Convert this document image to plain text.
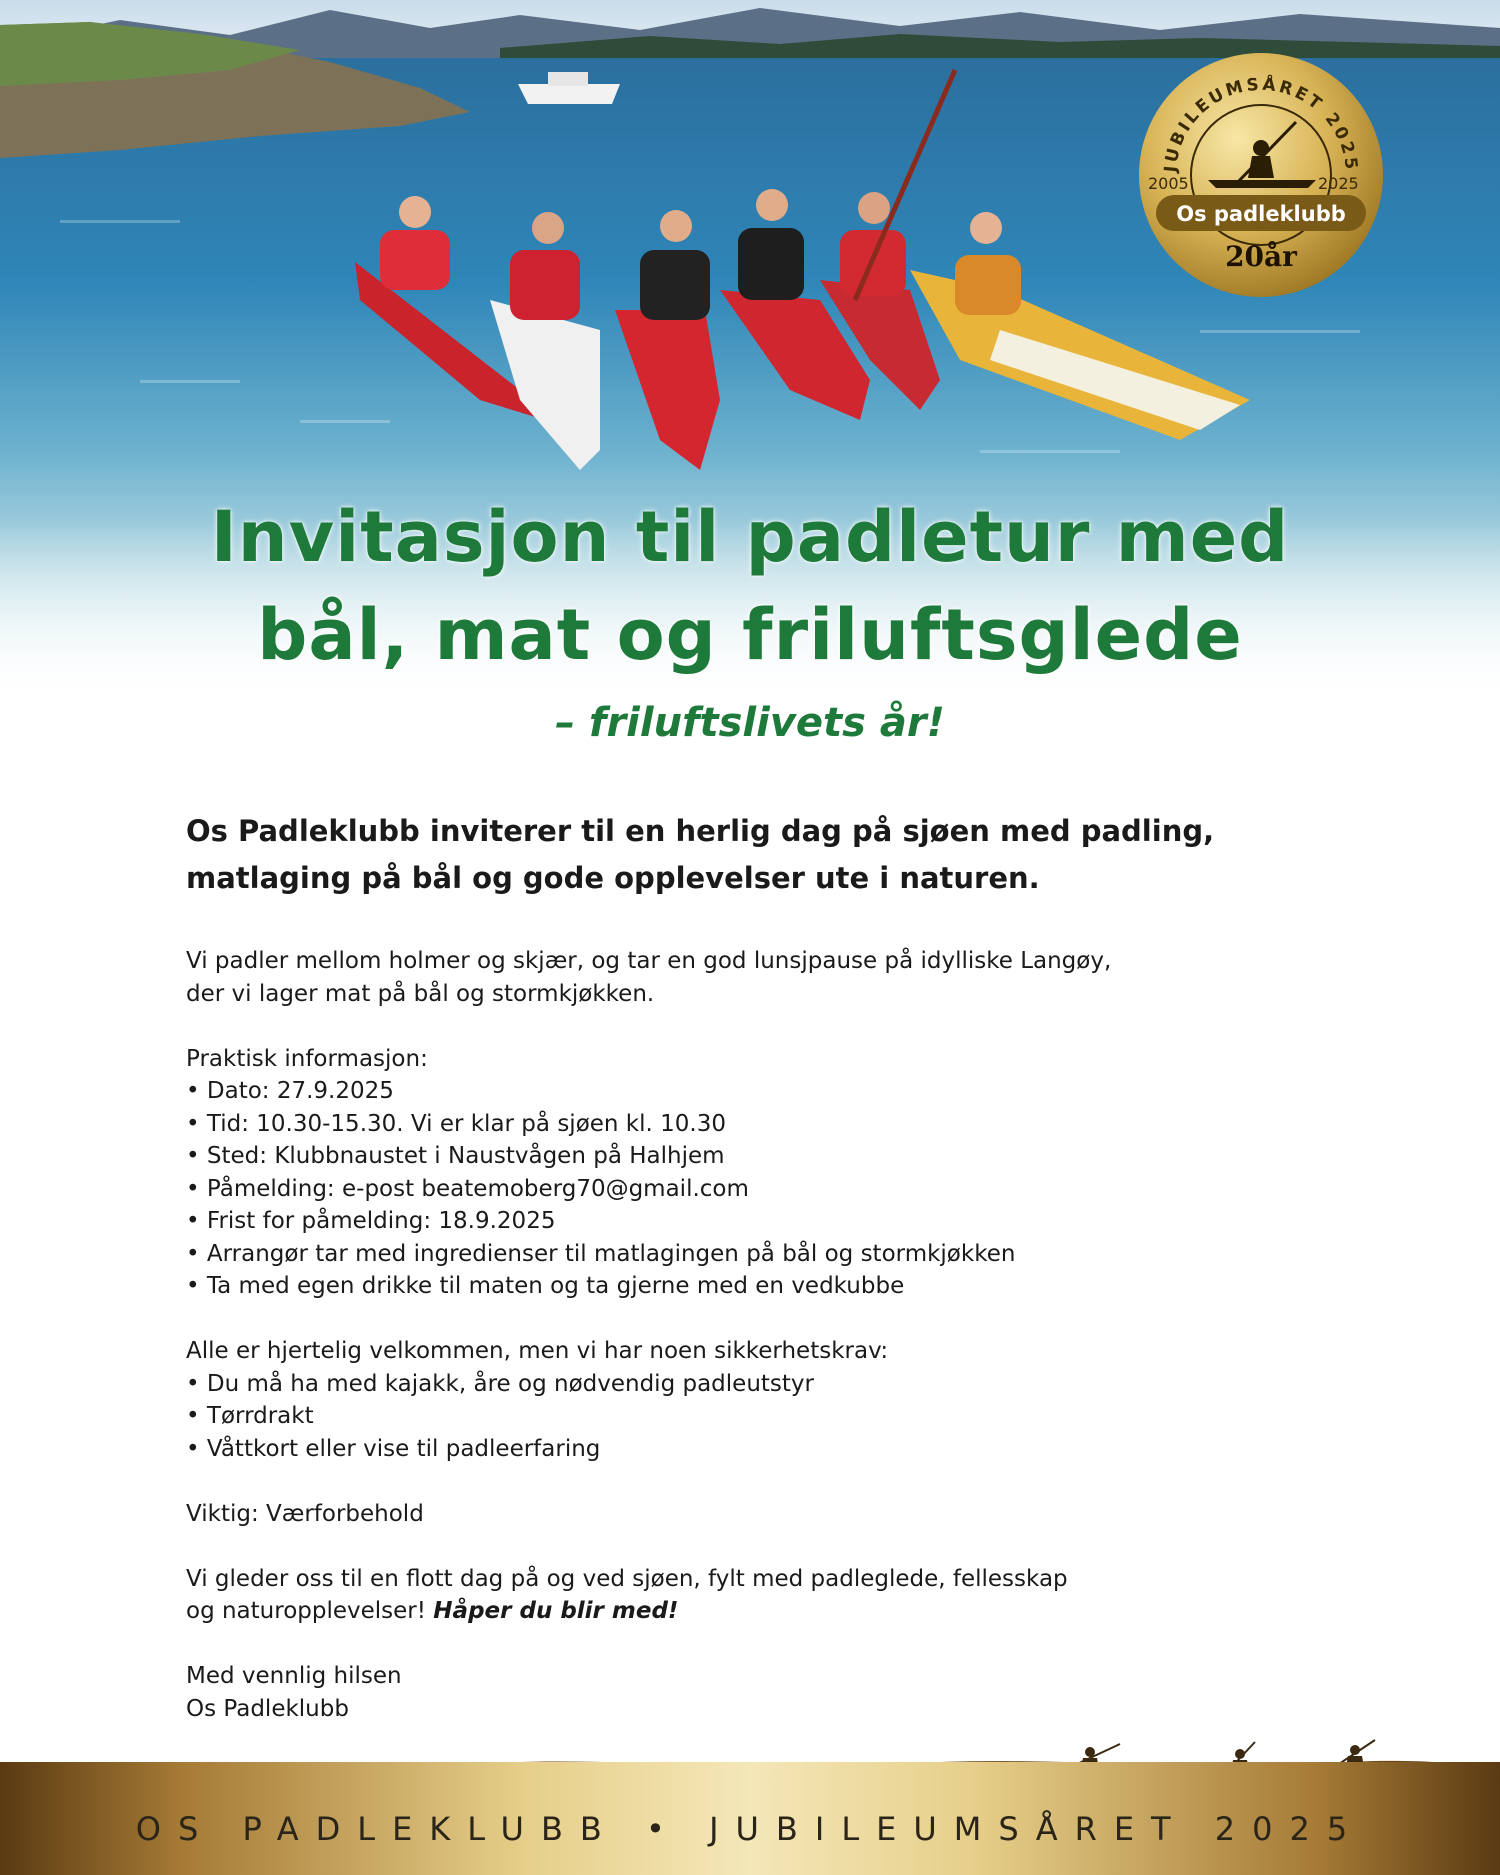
JUBILEUMSÅRET 2025
2005	2025
Os padleklubb
20år
Invitasjon til padletur med
bål, mat og friluftsglede
– friluftslivets år!
Os Padleklubb inviterer til en herlig dag på sjøen med padling,
matlaging på bål og gode opplevelser ute i naturen.
Vi padler mellom holmer og skjær, og tar en god lunsjpause på idylliske Langøy,
der vi lager mat på bål og stormkjøkken.
Praktisk informasjon:
• Dato: 27.9.2025
• Tid: 10.30-15.30. Vi er klar på sjøen kl. 10.30
• Sted: Klubbnaustet i Naustvågen på Halhjem
• Påmelding: e-post beatemoberg70@gmail.com
• Frist for påmelding: 18.9.2025
• Arrangør tar med ingredienser til matlagingen på bål og stormkjøkken
• Ta med egen drikke til maten og ta gjerne med en vedkubbe
Alle er hjertelig velkommen, men vi har noen sikkerhetskrav:
• Du må ha med kajakk, åre og nødvendig padleutstyr
• Tørrdrakt
• Våttkort eller vise til padleerfaring
Viktig: Værforbehold
Vi gleder oss til en flott dag på og ved sjøen, fylt med padleglede, fellesskap
og naturopplevelser! Håper du blir med!
Med vennlig hilsen
Os Padleklubb
OS PADLEKLUBB • JUBILEUMSÅRET 2025
